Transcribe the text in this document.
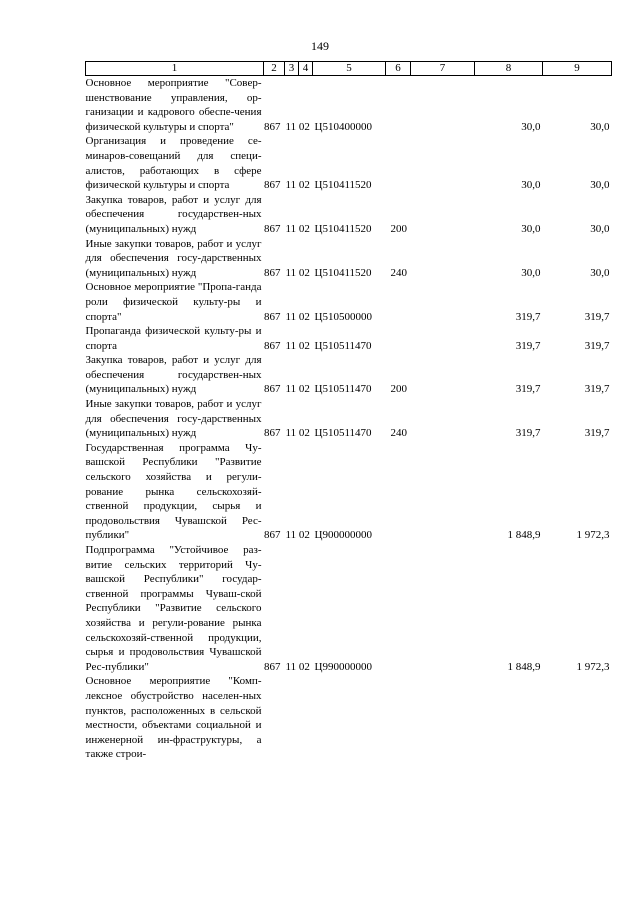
149
1	2	3	4	5	6	7	8	9
Основное мероприятие "Совер-шенствование управления, ор-ганизации и кадрового обеспе-чения физической культуры и спорта"	867	11 02		Ц510400000			30,0	30,0
Организация и проведение се-минаров-совещаний для специ-алистов, работающих в сфере физической культуры и спорта	867	11 02		Ц510411520			30,0	30,0
Закупка товаров, работ и услуг для обеспечения государствен-ных (муниципальных) нужд	867	11 02		Ц510411520	200		30,0	30,0
Иные закупки товаров, работ и услуг для обеспечения госу-дарственных (муниципальных) нужд	867	11 02		Ц510411520	240		30,0	30,0
Основное мероприятие "Пропа-ганда роли физической культу-ры и спорта"	867	11 02		Ц510500000			319,7	319,7
Пропаганда физической культу-ры и спорта	867	11 02		Ц510511470			319,7	319,7
Закупка товаров, работ и услуг для обеспечения государствен-ных (муниципальных) нужд	867	11 02		Ц510511470	200		319,7	319,7
Иные закупки товаров, работ и услуг для обеспечения госу-дарственных (муниципальных) нужд	867	11 02		Ц510511470	240		319,7	319,7
Государственная программа Чу-вашской Республики "Развитие сельского хозяйства и регули-рование рынка сельскохозяй-ственной продукции, сырья и продовольствия Чувашской Рес-публики"	867	11 02		Ц900000000			1 848,9	1 972,3
Подпрограмма "Устойчивое раз-витие сельских территорий Чу-вашской Республики" государ-ственной программы Чуваш-ской Республики "Развитие сельского хозяйства и регули-рование рынка сельскохозяй-ственной продукции, сырья и продовольствия Чувашской Рес-публики"	867	11 02		Ц990000000			1 848,9	1 972,3
Основное мероприятие "Комп-лексное обустройство населен-ных пунктов, расположенных в сельской местности, объектами социальной и инженерной ин-фраструктуры, а также строи-								
